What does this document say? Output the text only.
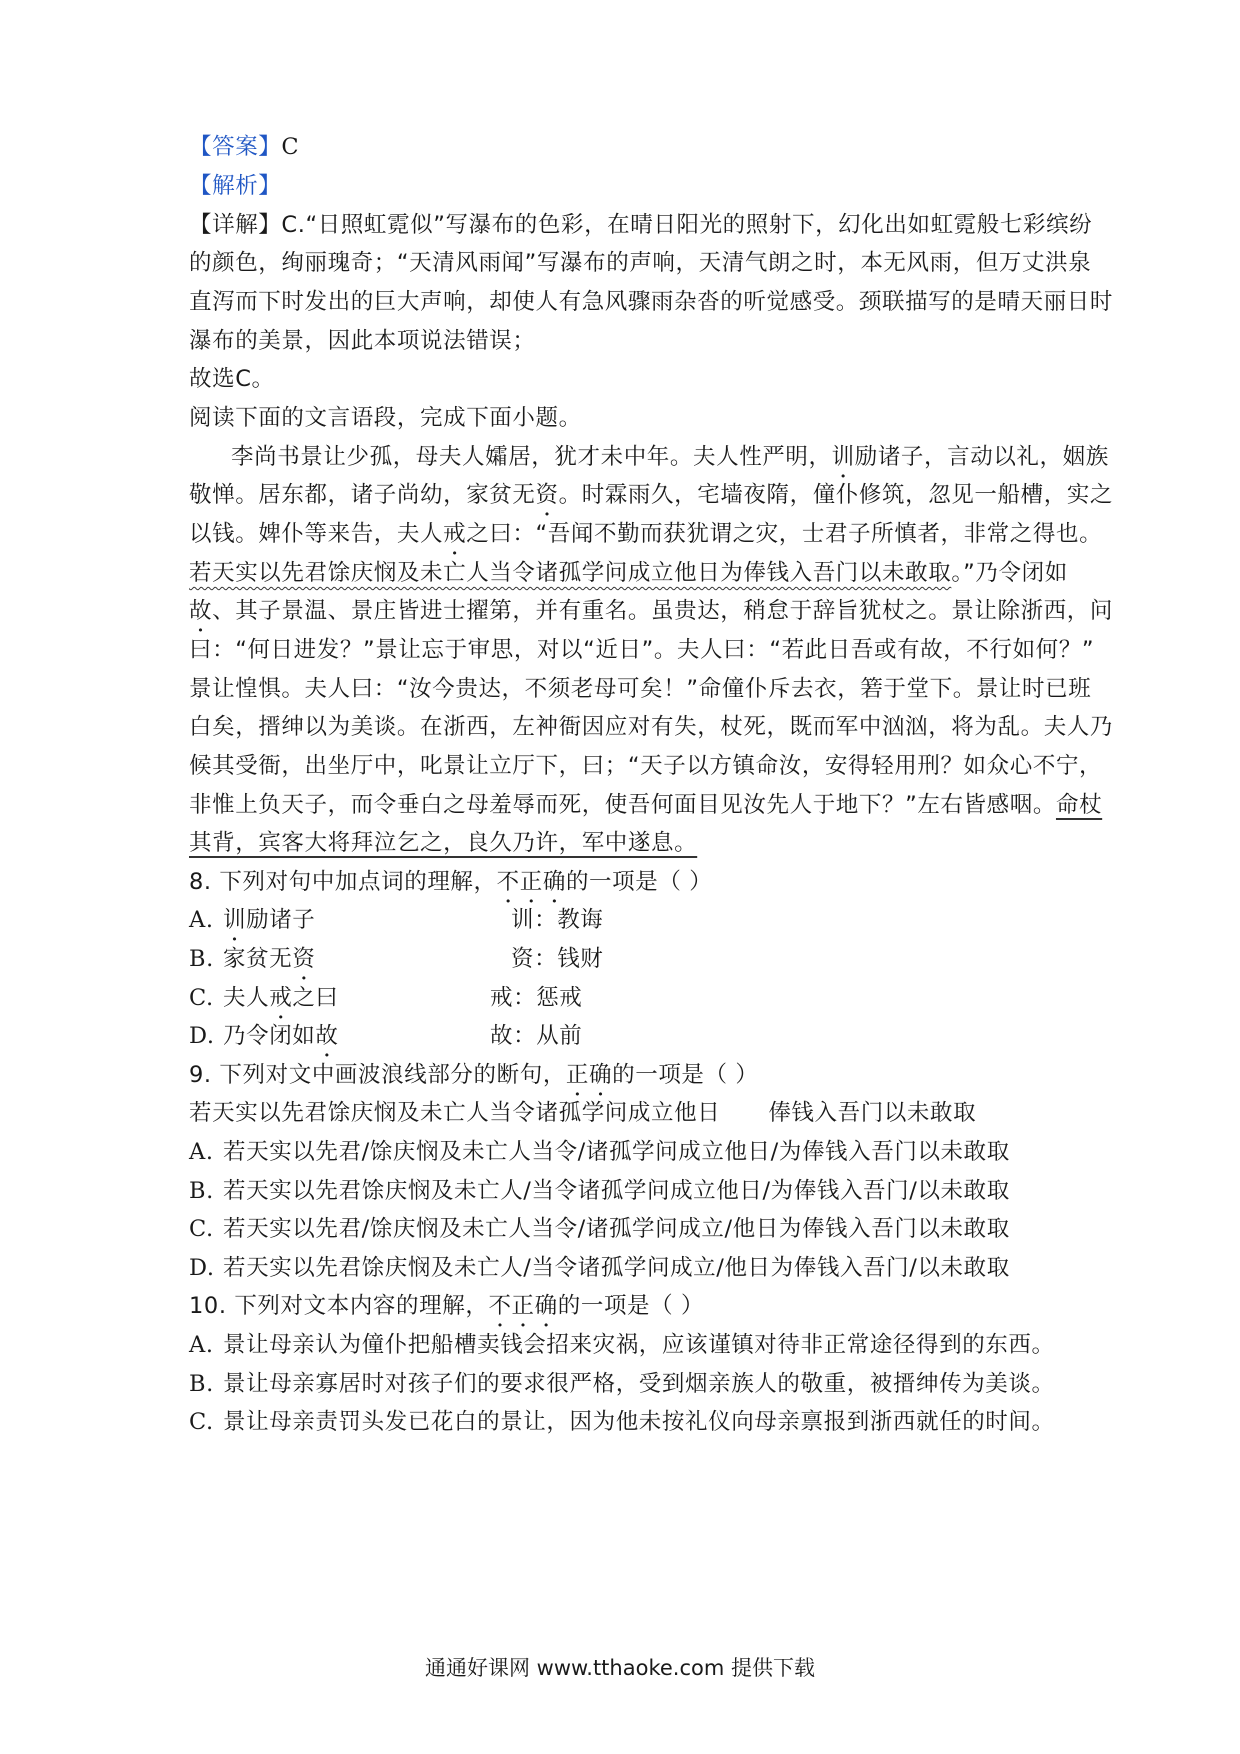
【答案】C
【解析】
【详解】C.“日照虹霓似”写瀑布的色彩，在晴日阳光的照射下，幻化出如虹霓般七彩缤纷
的颜色，绚丽瑰奇；“天清风雨闻”写瀑布的声响，天清气朗之时，本无风雨，但万丈洪泉
直泻而下时发出的巨大声响，却使人有急风骤雨杂沓的听觉感受。颈联描写的是晴天丽日时
瀑布的美景，因此本项说法错误；
故选C。
阅读下面的文言语段，完成下面小题。
李尚书景让少孤，母夫人孀居，犹才未中年。夫人性严明，训励诸子，言动以礼，姻族
敬惮。居东都，诸子尚幼，家贫无资。时霖雨久，宅墙夜隋，僮仆修筑，忽见一船槽，实之
以钱。婢仆等来告，夫人戒之曰：“吾闻不勤而获犹谓之灾，士君子所慎者，非常之得也。
若天实以先君馀庆悯及未亡人当令诸孤学问成立他日为俸钱入吾门以未敢取。”乃令闭如
故、其子景温、景庄皆进士擢第，并有重名。虽贵达，稍怠于辞旨犹杖之。景让除浙西，问
曰：“何日进发？”景让忘于审思，对以“近日”。夫人曰：“若此日吾或有故，不行如何？”
景让惶惧。夫人曰：“汝今贵达，不须老母可矣！”命僮仆斥去衣，箬于堂下。景让时已班
白矣，搢绅以为美谈。在浙西，左衶衙因应对有失，杖死，既而军中汹汹，将为乱。夫人乃
候其受衙，出坐厅中，叱景让立厅下，曰；“天子以方镇命汝，安得轻用刑？如众心不宁，
非惟上负天子，而令垂白之母羞辱而死，使吾何面目见汝先人于地下？”左右皆感咽。命杖
其背，宾客大将拜泣乞之，良久乃许，军中遂息。
8. 下列对句中加点词的理解，不正确的一项是（ ）
A. 训励诸子	训：教诲
B. 家贫无资	资：钱财
C. 夫人戒之曰	戒：惩戒
D. 乃令闭如故	故：从前
9. 下列对文中画波浪线部分的断句，正确的一项是（ ）
若天实以先君馀庆悯及未亡人当令诸孤学问成立他日 俸钱入吾门以未敢取
A. 若天实以先君/馀庆悯及未亡人当令/诸孤学问成立他日/为俸钱入吾门以未敢取
B. 若天实以先君馀庆悯及未亡人/当令诸孤学问成立他日/为俸钱入吾门/以未敢取
C. 若天实以先君/馀庆悯及未亡人当令/诸孤学问成立/他日为俸钱入吾门以未敢取
D. 若天实以先君馀庆悯及未亡人/当令诸孤学问成立/他日为俸钱入吾门/以未敢取
10. 下列对文本内容的理解，不正确的一项是（ ）
A. 景让母亲认为僮仆把船槽卖钱会招来灾祸，应该谨镇对待非正常途径得到的东西。
B. 景让母亲寡居时对孩子们的要求很严格，受到烟亲族人的敬重，被搢绅传为美谈。
C. 景让母亲责罚头发已花白的景让，因为他未按礼仪向母亲禀报到浙西就任的时间。
通通好课网 www.tthaoke.com 提供下载
